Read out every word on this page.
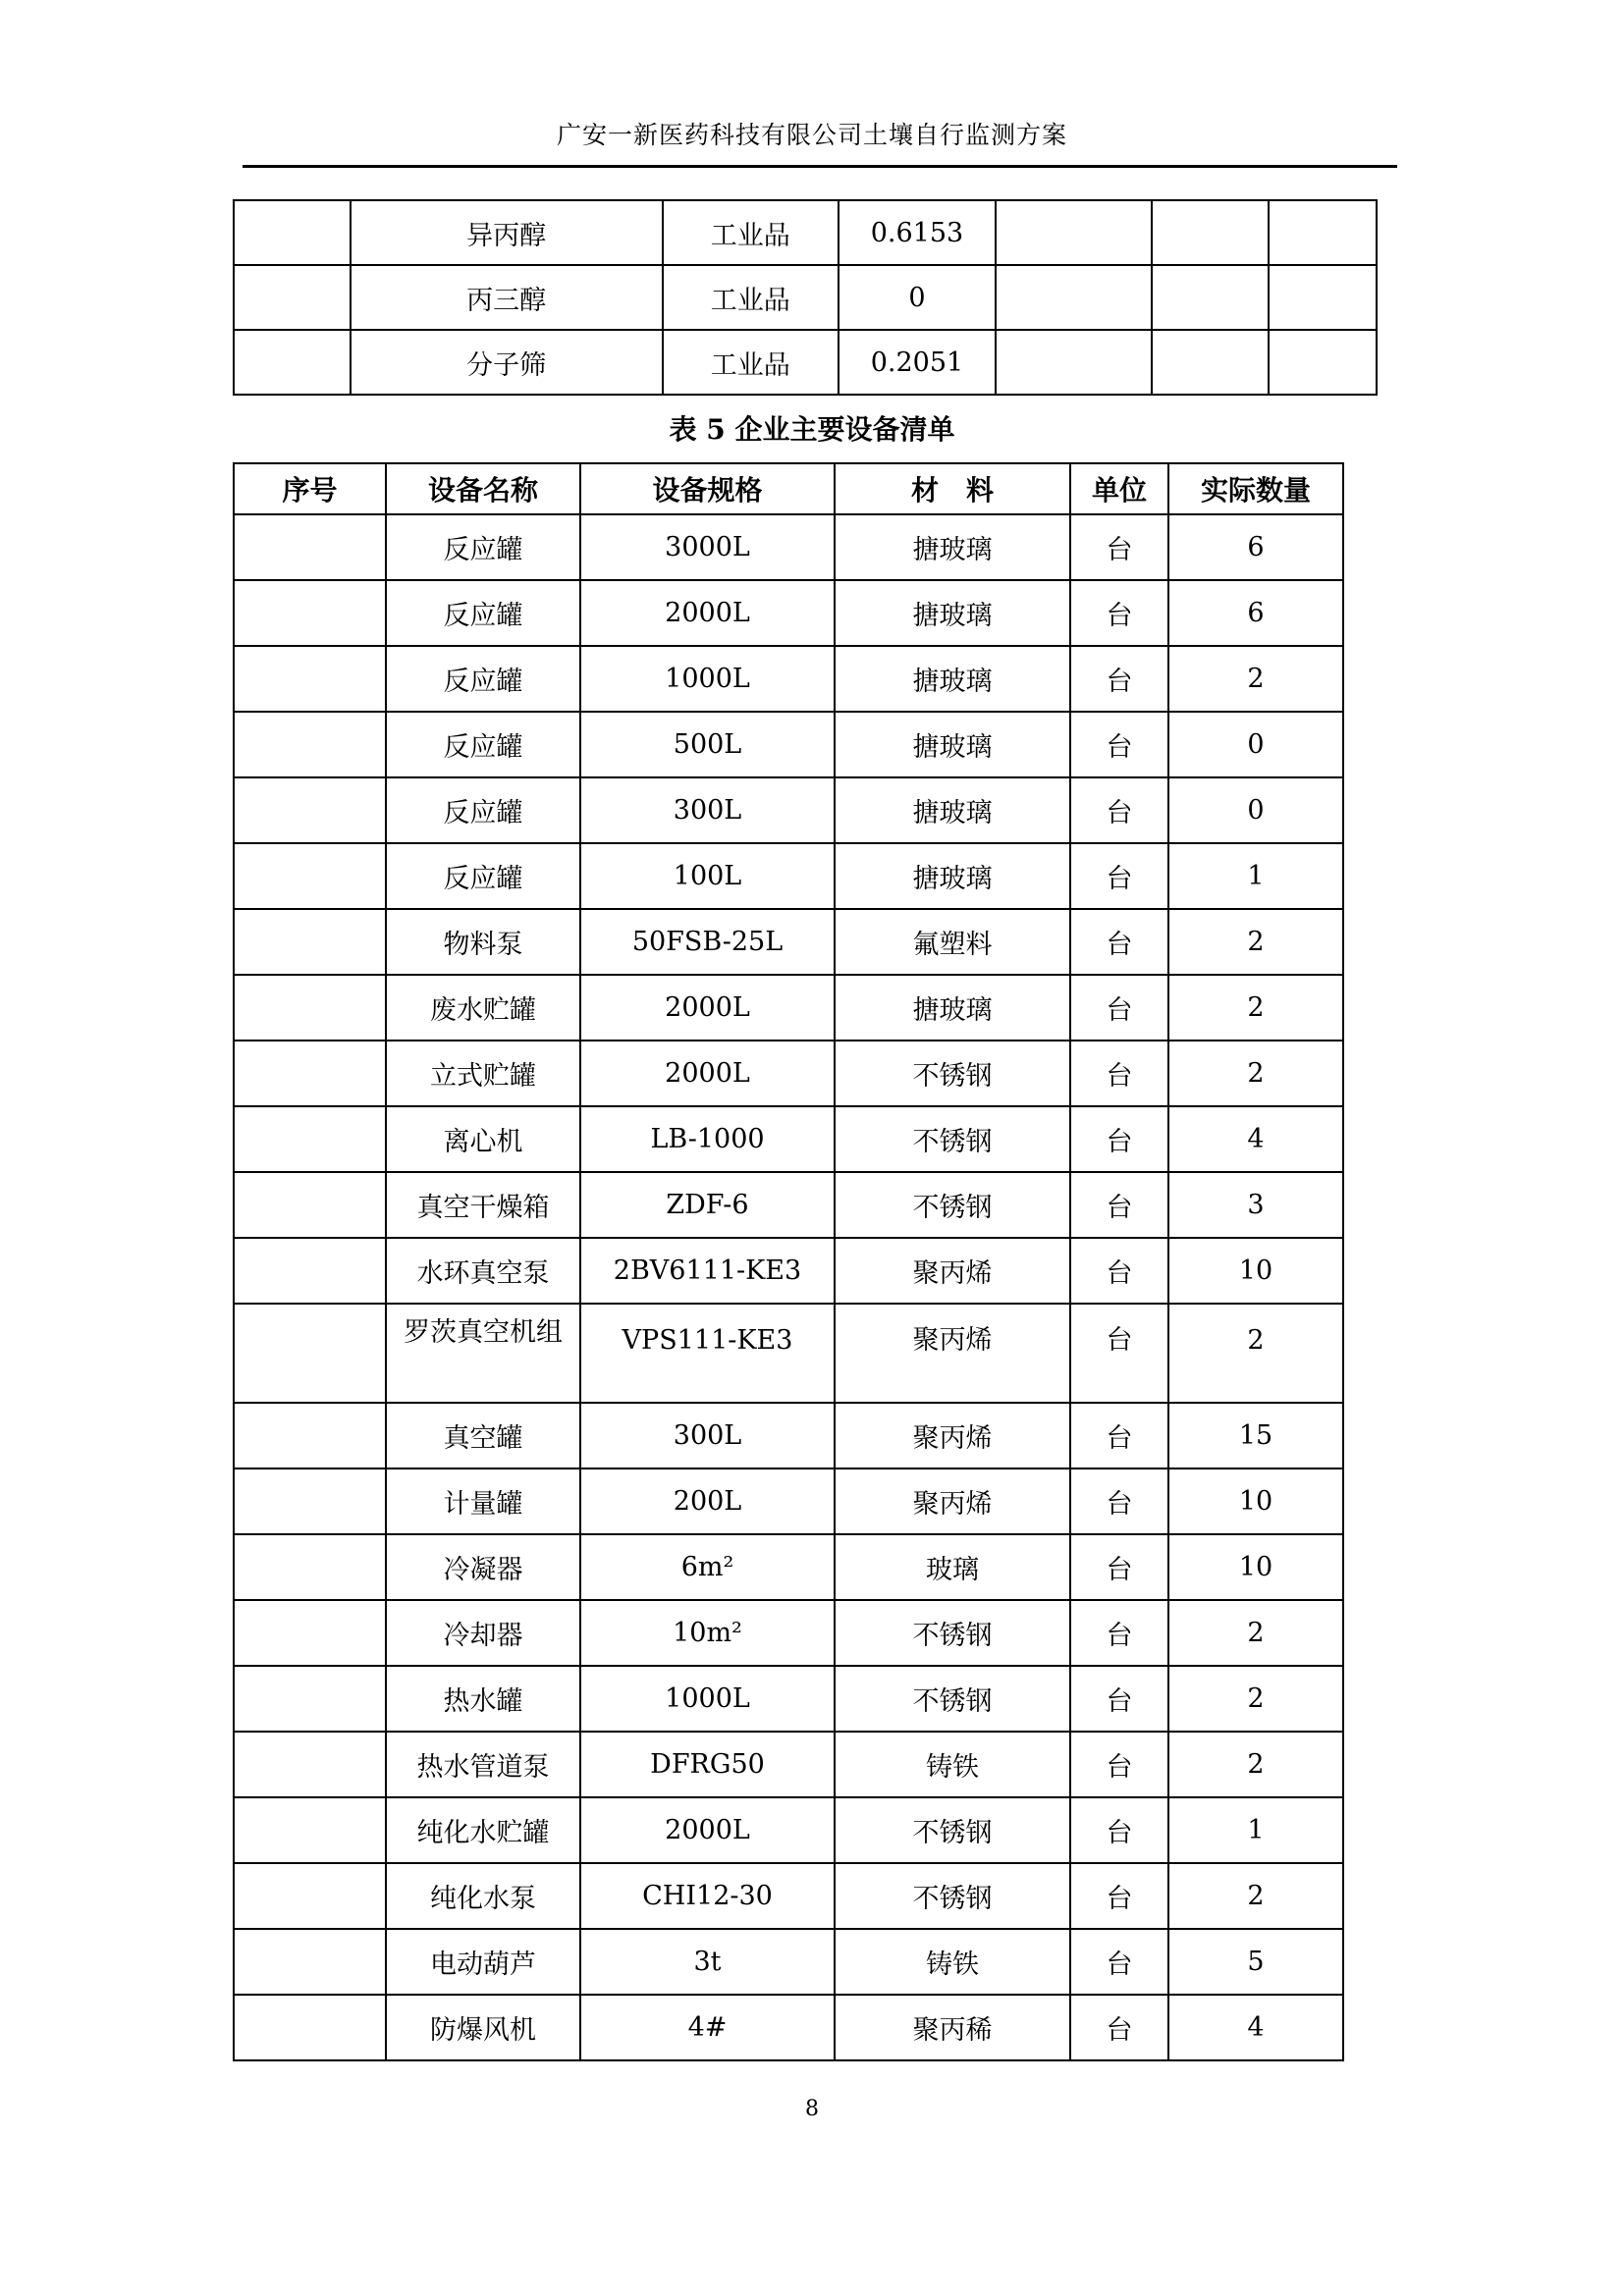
广安一新医药科技有限公司土壤自行监测方案
	异丙醇	工业品	0.6153			
	丙三醇	工业品	0			
	分子筛	工业品	0.2051			
表 5 企业主要设备清单
序号	设备名称	设备规格	材　料	单位	实际数量
	反应罐	3000L	搪玻璃	台	6
	反应罐	2000L	搪玻璃	台	6
	反应罐	1000L	搪玻璃	台	2
	反应罐	500L	搪玻璃	台	0
	反应罐	300L	搪玻璃	台	0
	反应罐	100L	搪玻璃	台	1
	物料泵	50FSB-25L	氟塑料	台	2
	废水贮罐	2000L	搪玻璃	台	2
	立式贮罐	2000L	不锈钢	台	2
	离心机	LB-1000	不锈钢	台	4
	真空干燥箱	ZDF-6	不锈钢	台	3
	水环真空泵	2BV6111-KE3	聚丙烯	台	10
	罗茨真空机组	VPS111-KE3	聚丙烯	台	2
	真空罐	300L	聚丙烯	台	15
	计量罐	200L	聚丙烯	台	10
	冷凝器	6m²	玻璃	台	10
	冷却器	10m²	不锈钢	台	2
	热水罐	1000L	不锈钢	台	2
	热水管道泵	DFRG50	铸铁	台	2
	纯化水贮罐	2000L	不锈钢	台	1
	纯化水泵	CHI12-30	不锈钢	台	2
	电动葫芦	3t	铸铁	台	5
	防爆风机	4#	聚丙稀	台	4
8
